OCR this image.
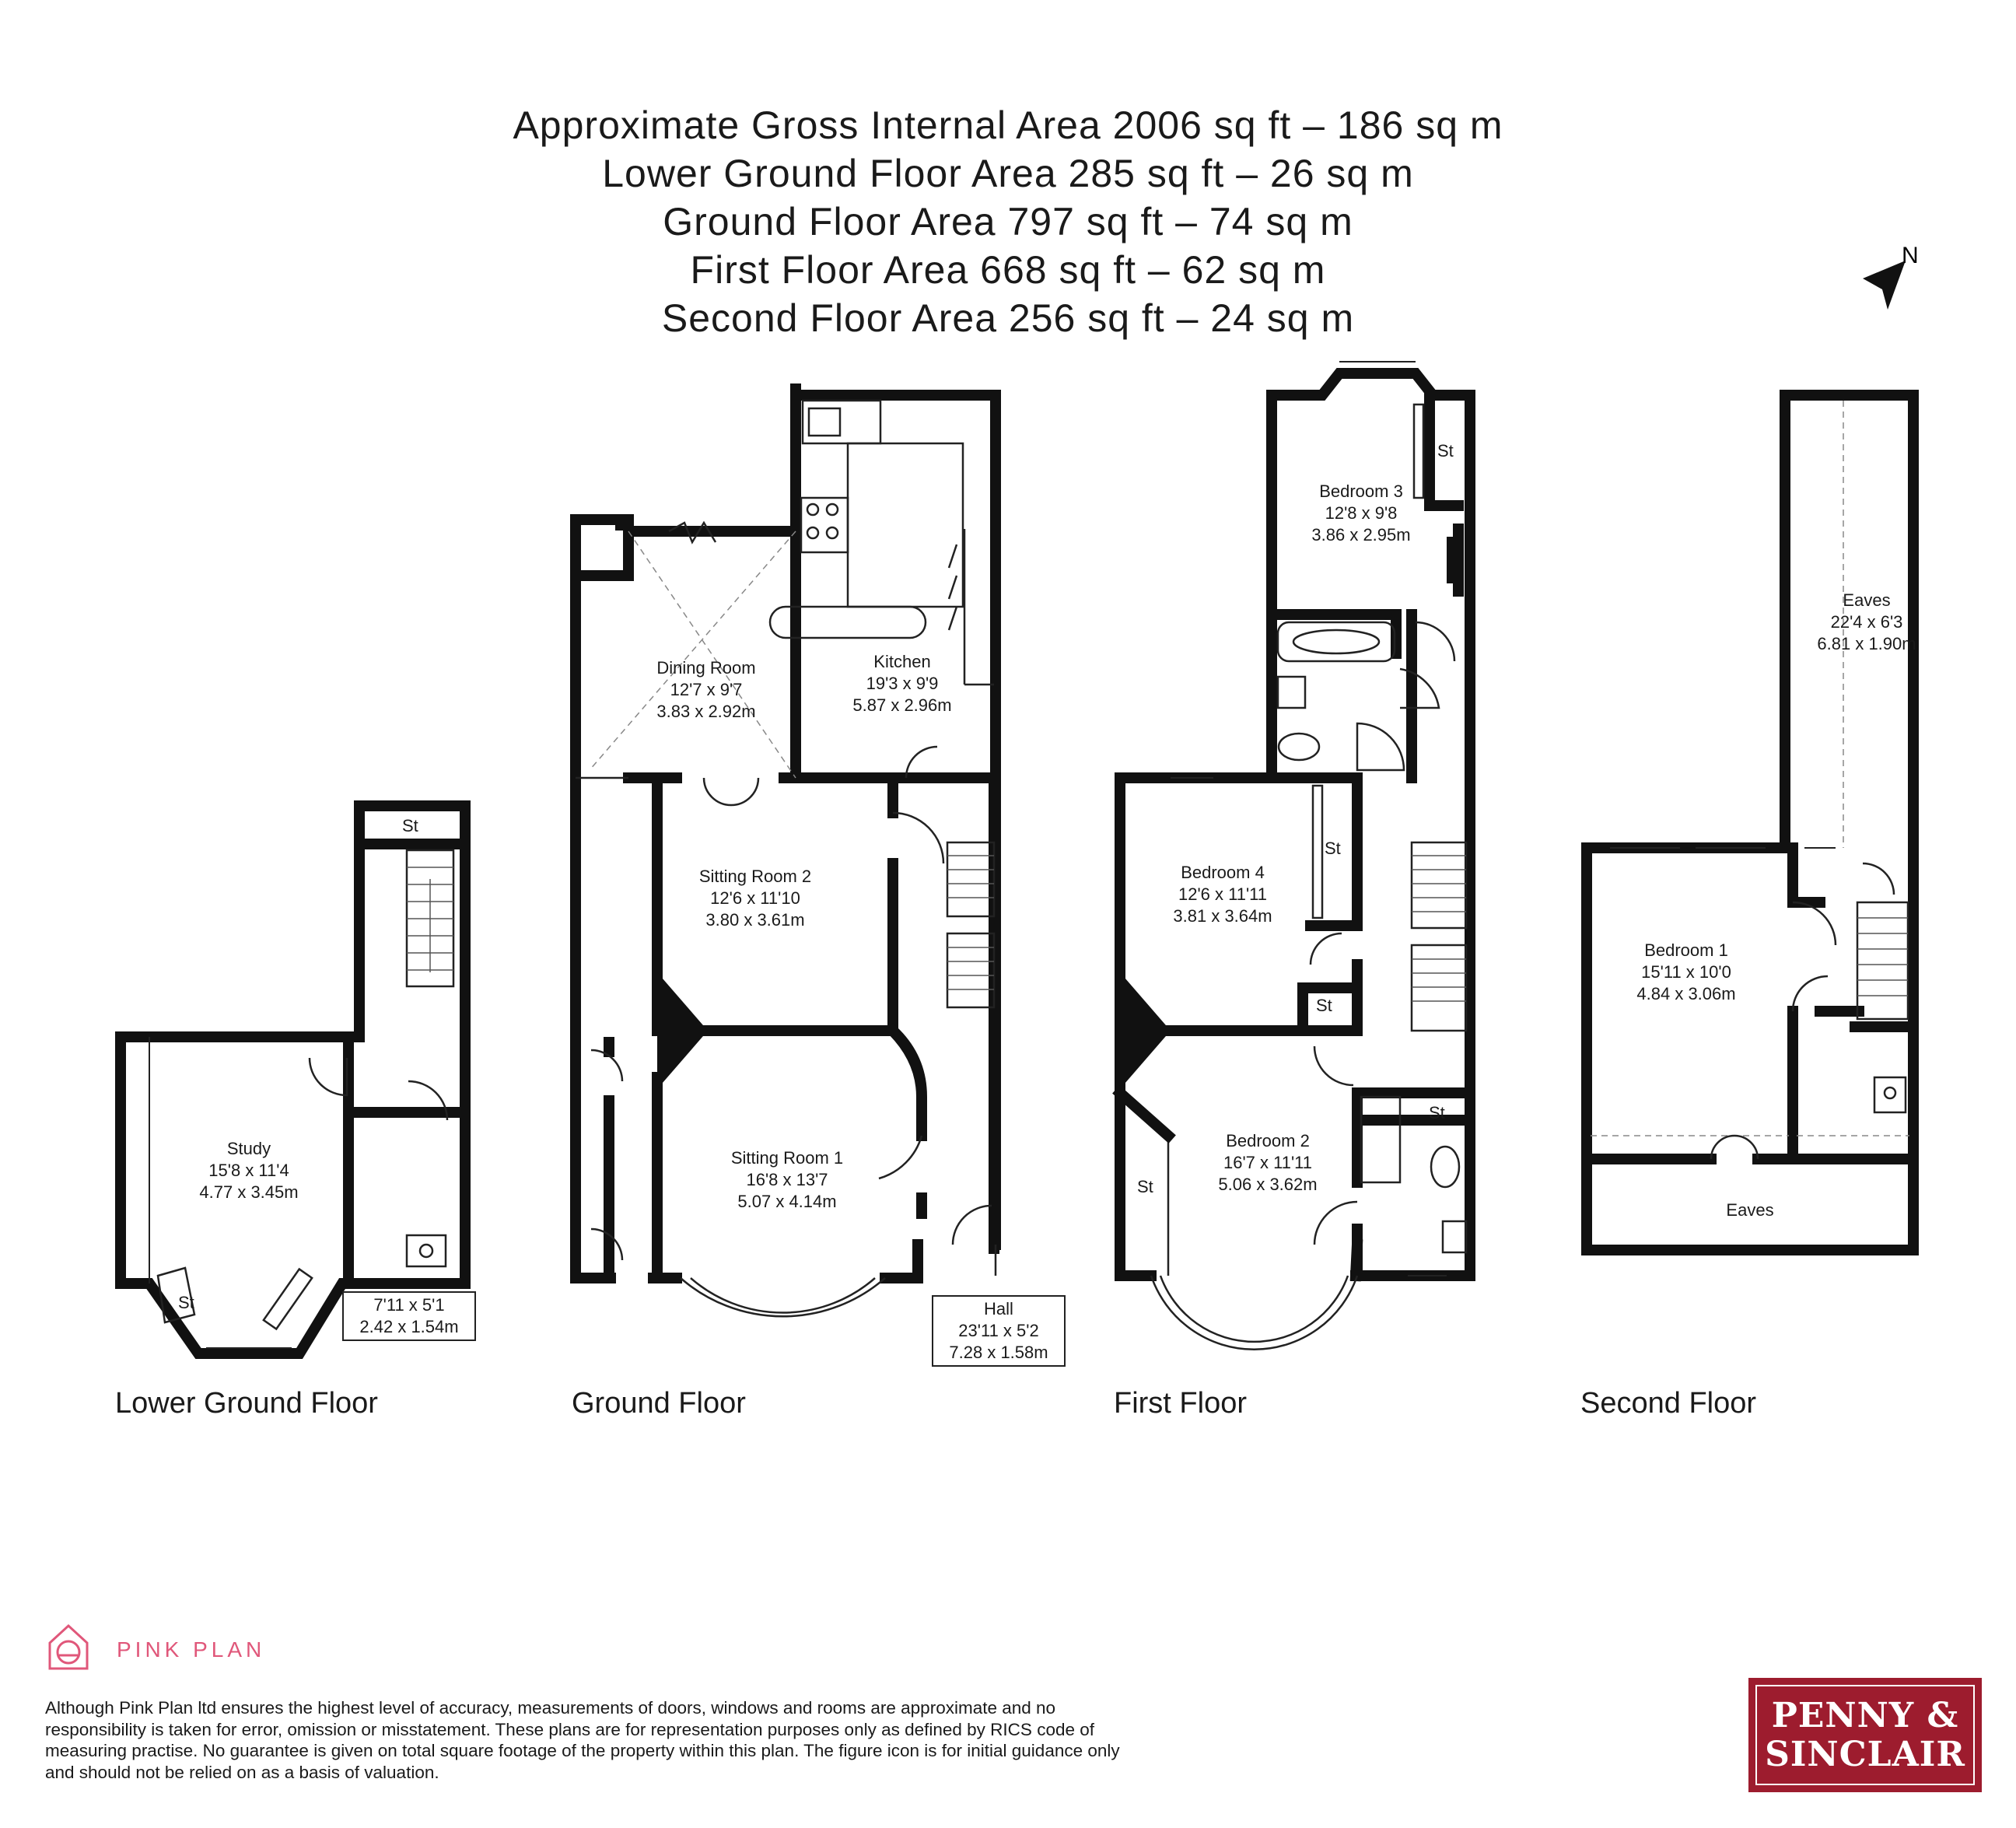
Approximate Gross Internal Area 2006 sq ft – 186 sq m
Lower Ground Floor Area 285 sq ft – 26 sq m
Ground Floor Area 797 sq ft – 74 sq m
First Floor Area 668 sq ft – 62 sq m
Second Floor Area 256 sq ft – 24 sq m
N
Study
15'8 x 11'4
4.77 x 3.45m
7'11 x 5'1
2.42 x 1.54m
St
St
Dining Room
12'7 x 9'7
3.83 x 2.92m
Kitchen
19'3 x 9'9
5.87 x 2.96m
Sitting Room 2
12'6 x 11'10
3.80 x 3.61m
Sitting Room 1
16'8 x 13'7
5.07 x 4.14m
Hall
23'11 x 5'2
7.28 x 1.58m
Bedroom 3
12'8 x 9'8
3.86 x 2.95m
Bedroom 4
12'6 x 11'11
3.81 x 3.64m
Bedroom 2
16'7 x 11'11
5.06 x 3.62m
St
St
St
St
St
Eaves
22'4 x 6'3
6.81 x 1.90m
Bedroom 1
15'11 x 10'0
4.84 x 3.06m
Eaves
Lower Ground Floor	Ground Floor	First Floor	Second Floor
PINK PLAN
Although Pink Plan ltd ensures the highest level of accuracy, measurements of doors, windows and rooms are approximate and no responsibility is taken for error, omission or misstatement. These plans are for representation purposes only as defined by RICS code of measuring practise. No guarantee is given on total square footage of the property within this plan. The figure icon is for initial guidance only and should not be relied on as a basis of valuation.
PENNY &
SINCLAIR
